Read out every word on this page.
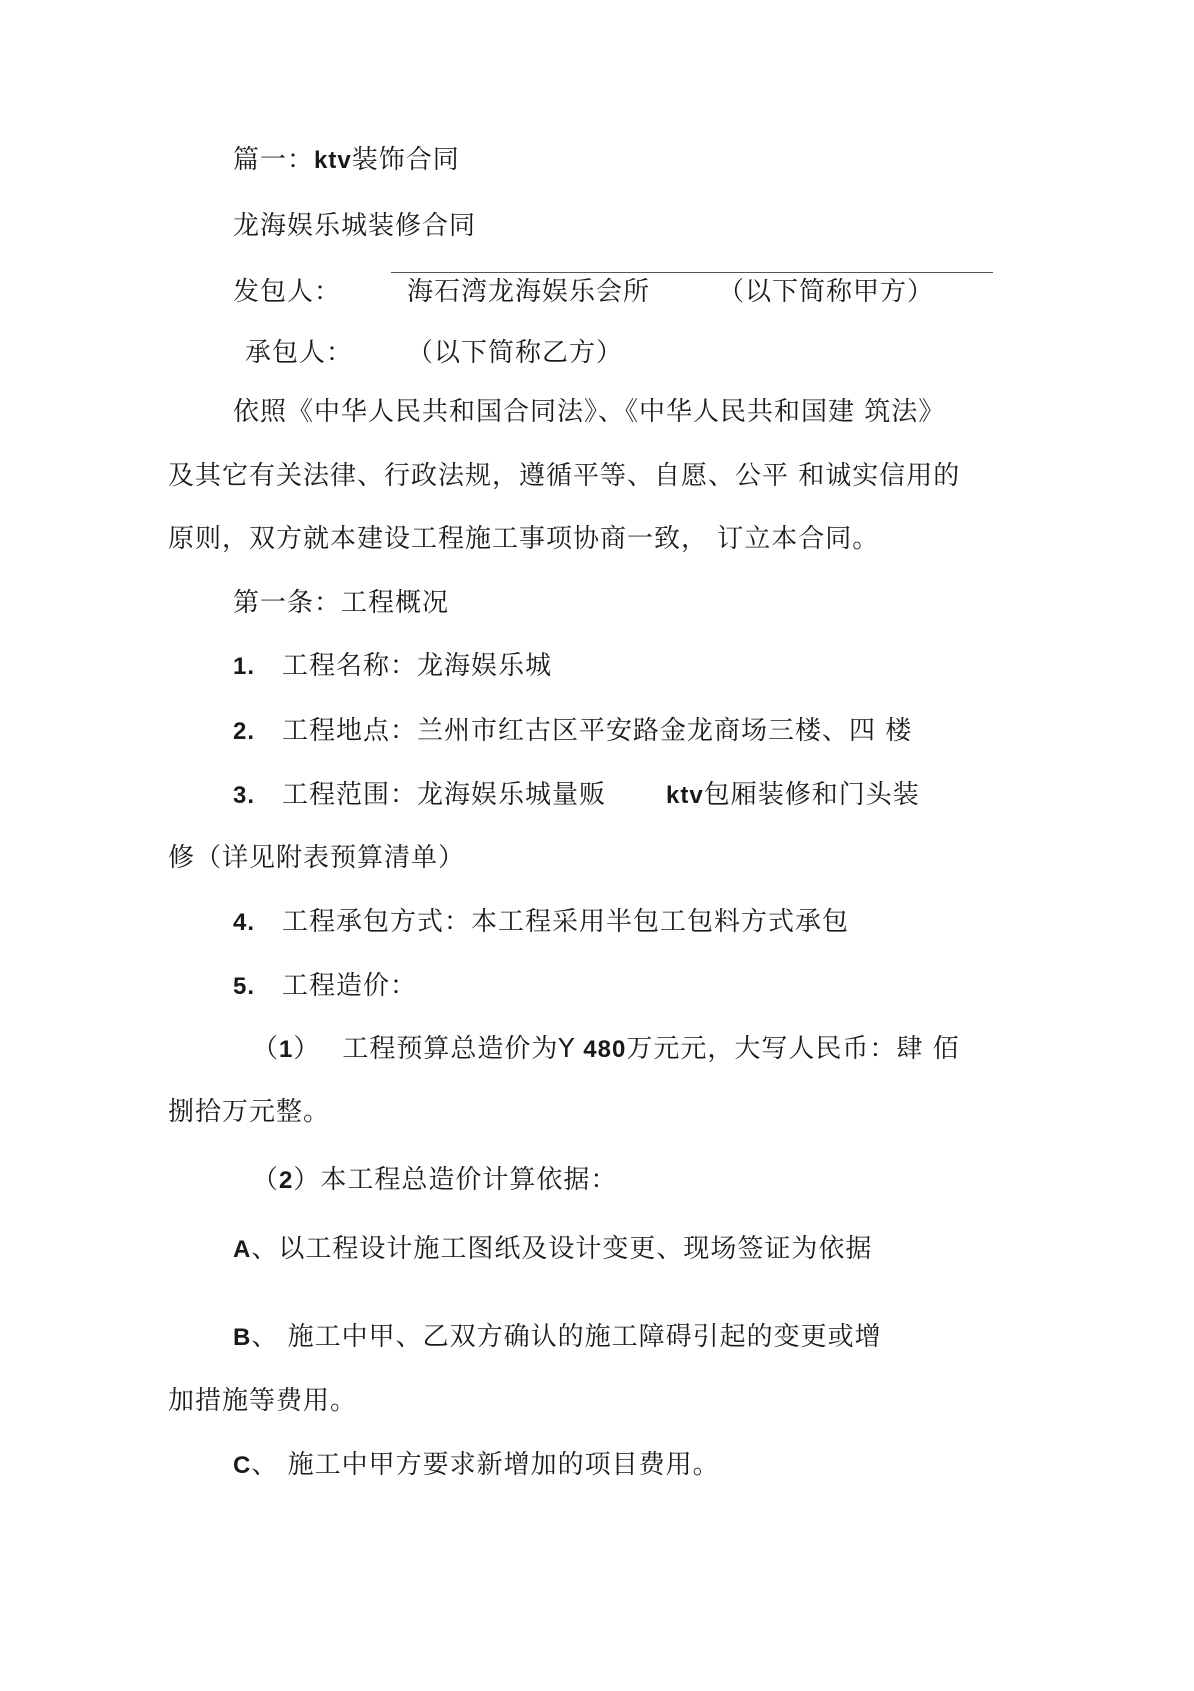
篇一：ktv装饰合同
龙海娱乐城装修合同
发包人：	海石湾龙海娱乐会所	（以下简称甲方）
承包人： （以下简称乙方）
依照《中华人民共和国合同法》、《中华人民共和国建 筑法》
及其它有关法律、行政法规，遵循平等、自愿、公平 和诚实信用的
原则，双方就本建设工程施工事项协商一致， 订立本合同。
第一条：工程概况
1. 工程名称：龙海娱乐城
2. 工程地点：兰州市红古区平安路金龙商场三楼、四 楼
3. 工程范围：龙海娱乐城量贩	ktv包厢装修和门头装
修（详见附表预算清单）
4. 工程承包方式：本工程采用半包工包料方式承包
5. 工程造价：
（1） 工程预算总造价为Y 480万元元，大写人民币：肆 佰
捌拾万元整。
（2）本工程总造价计算依据：
A、以工程设计施工图纸及设计变更、现场签证为依据
B、 施工中甲、乙双方确认的施工障碍引起的变更或增
加措施等费用。
C、 施工中甲方要求新增加的项目费用。
